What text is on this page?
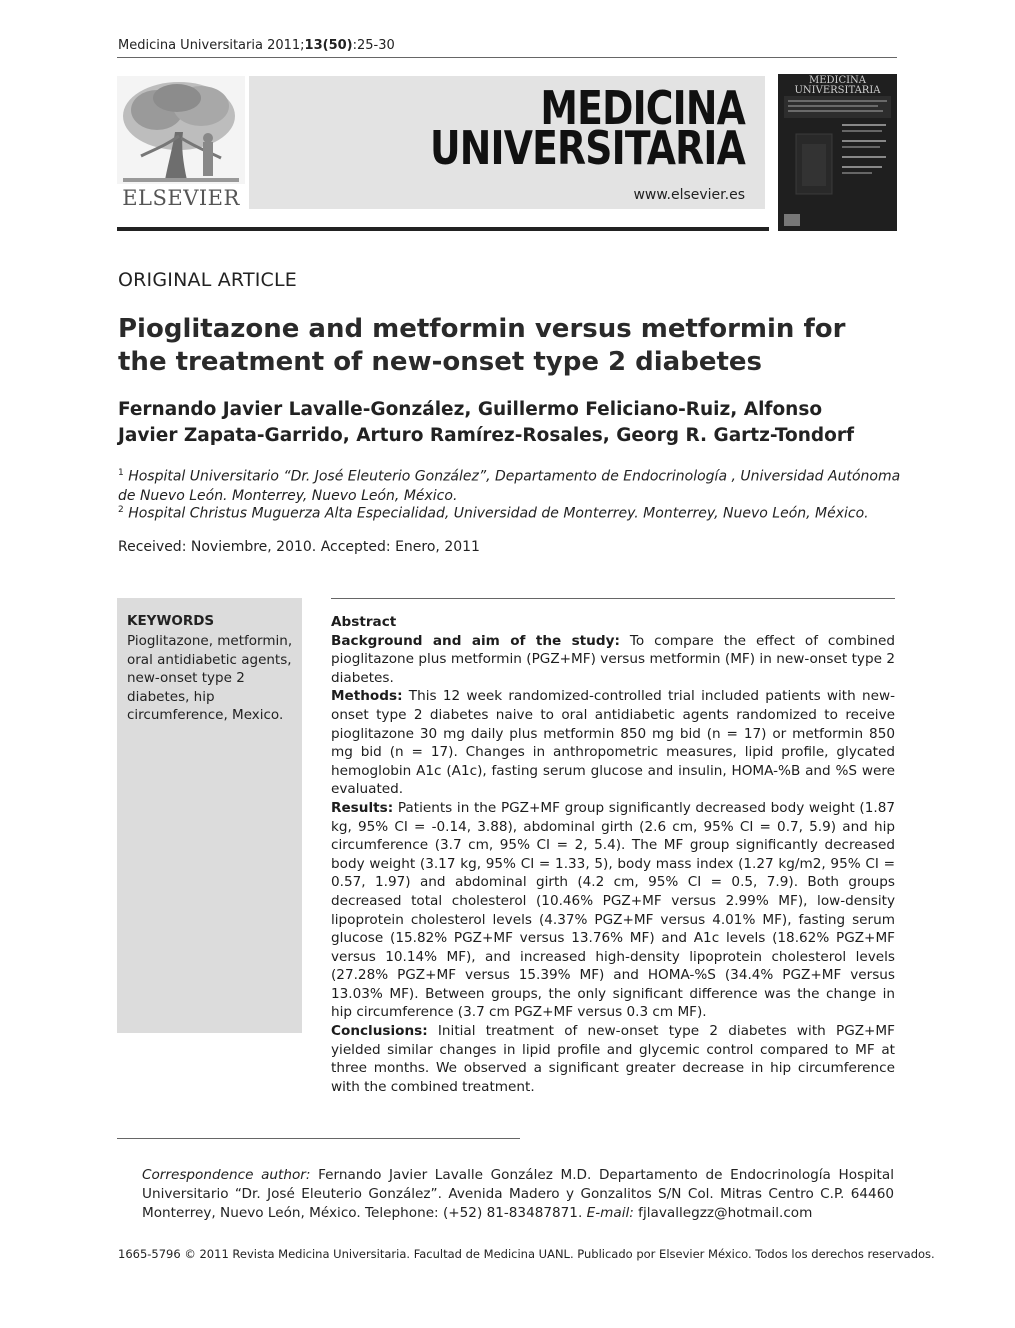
Medicina Universitaria 2011;13(50):25-30
ELSEVIER
MEDICINA
UNIVERSITARIA
www.elsevier.es
MEDICINA
UNIVERSITARIA
ORIGINAL ARTICLE
Pioglitazone and metformin versus metformin for the treatment of new-onset type 2 diabetes
Fernando Javier Lavalle-González, Guillermo Feliciano-Ruiz, Alfonso Javier Zapata-Garrido, Arturo Ramírez-Rosales, Georg R. Gartz-Tondorf
$^1$ Hospital Universitario “Dr. José Eleuterio González”, Departamento de Endocrinología , Universidad Autónoma de Nuevo León. Monterrey, Nuevo León, México.
$^2$ Hospital Christus Muguerza Alta Especialidad, Universidad de Monterrey. Monterrey, Nuevo León, México.
Received: Noviembre, 2010. Accepted: Enero, 2011
KEYWORDS
Pioglitazone, metformin, oral antidiabetic agents, new-onset type 2 diabetes, hip circumference, Mexico.

Abstract

Background and aim of the study: To compare the effect of combined pioglitazone plus metformin (PGZ+MF) versus metformin (MF) in new-onset type 2 diabetes.

Methods: This 12 week randomized-controlled trial included patients with new-onset type 2 diabetes naive to oral antidiabetic agents randomized to receive pioglitazone 30 mg daily plus metformin 850 mg bid (n = 17) or metformin 850 mg bid (n = 17). Changes in anthropometric measures, lipid profile, glycated hemoglobin A1c (A1c), fasting serum glucose and insulin, HOMA-%B and %S were evaluated.

Results: Patients in the PGZ+MF group significantly decreased body weight (1.87 kg, 95% CI = -0.14, 3.88), abdominal girth (2.6 cm, 95% CI = 0.7, 5.9) and hip circumference (3.7 cm, 95% CI = 2, 5.4). The MF group significantly decreased body weight (3.17 kg, 95% CI = 1.33, 5), body mass index (1.27 kg/m2, 95% CI = 0.57, 1.97) and abdominal girth (4.2 cm, 95% CI = 0.5, 7.9). Both groups decreased total cholesterol (10.46% PGZ+MF versus 2.99% MF), low-density lipoprotein cholesterol levels (4.37% PGZ+MF versus 4.01% MF), fasting serum glucose (15.82% PGZ+MF versus 13.76% MF) and A1c levels (18.62% PGZ+MF versus 10.14% MF), and increased high-density lipoprotein cholesterol levels (27.28% PGZ+MF versus 15.39% MF) and HOMA-%S (34.4% PGZ+MF versus 13.03% MF). Between groups, the only significant difference was the change in hip circumference (3.7 cm PGZ+MF versus 0.3 cm MF).

Conclusions: Initial treatment of new-onset type 2 diabetes with PGZ+MF yielded similar changes in lipid profile and glycemic control compared to MF at three months. We observed a significant greater decrease in hip circumference with the combined treatment.

Correspondence author: Fernando Javier Lavalle González M.D. Departamento de Endocrinología Hospital Universitario “Dr. José Eleuterio González”. Avenida Madero y Gonzalitos S/N Col. Mitras Centro C.P. 64460 Monterrey, Nuevo León, México. Telephone: (+52) 81-83487871. E-mail: fjlavallegzz@hotmail.com
1665-5796 © 2011 Revista Medicina Universitaria. Facultad de Medicina UANL. Publicado por Elsevier México. Todos los derechos reservados.
